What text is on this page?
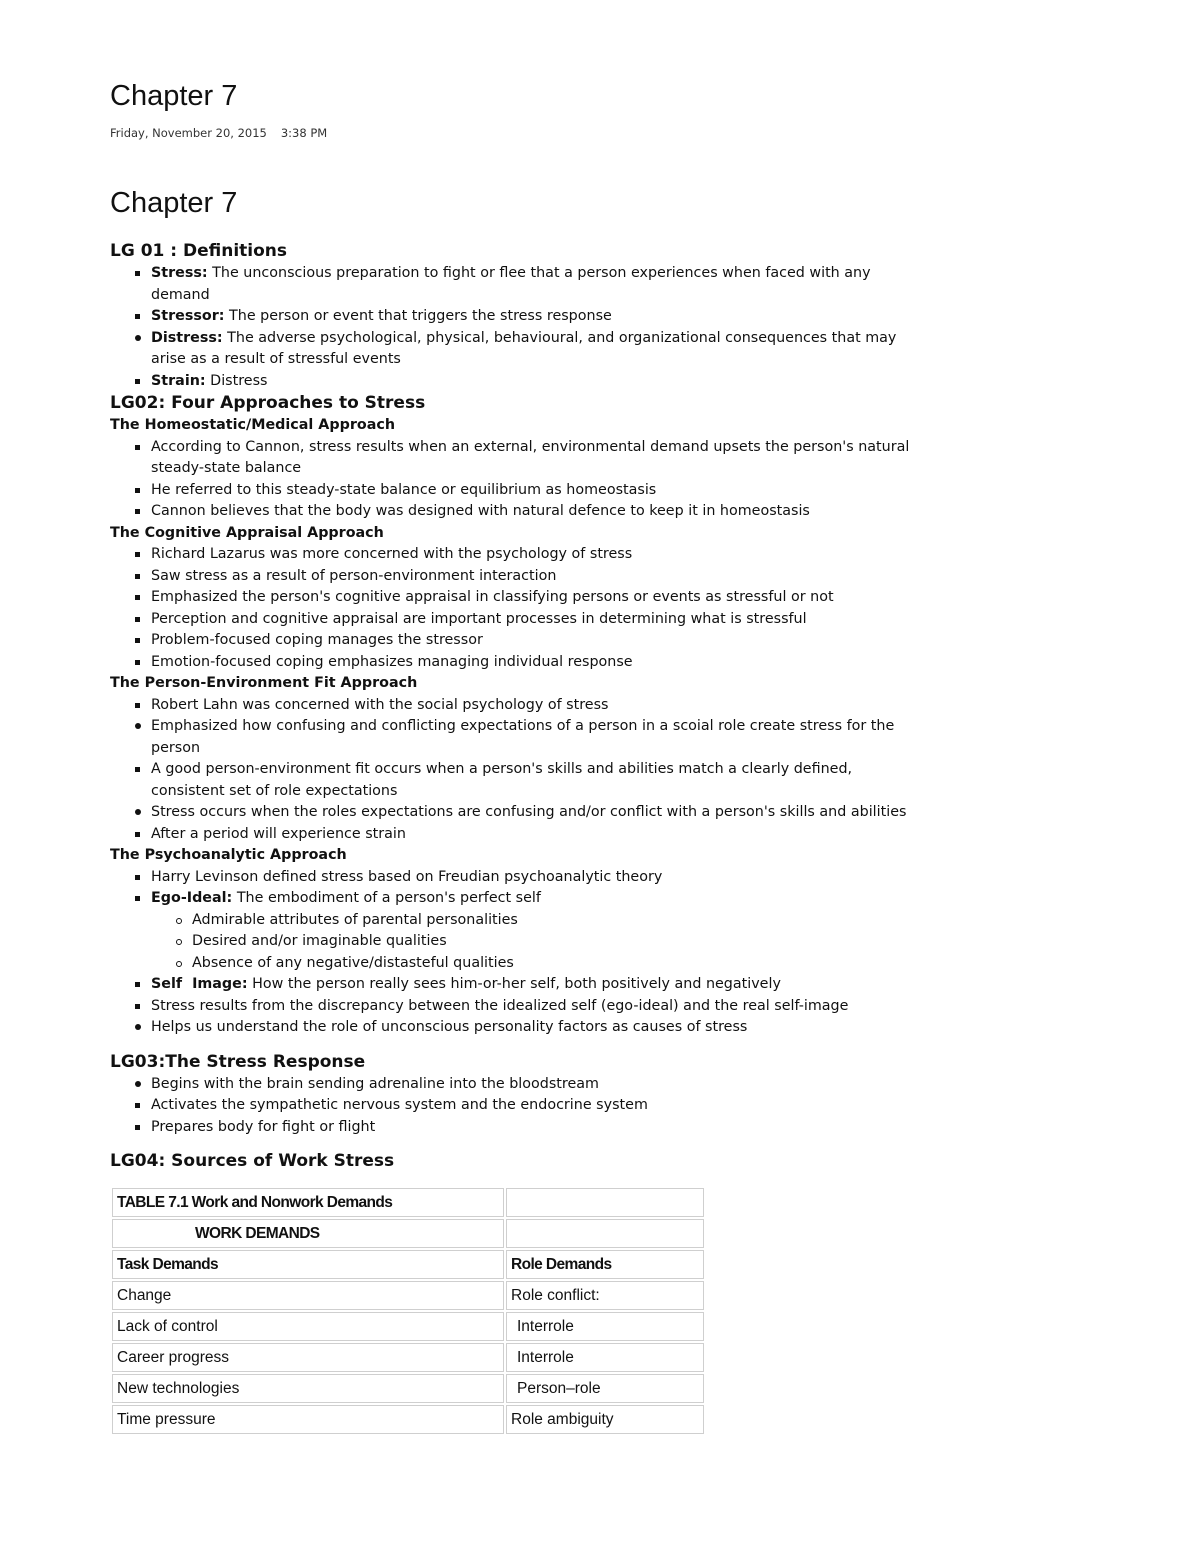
Chapter 7
Friday, November 20, 2015 3:38 PM
Chapter 7
LG 01 : Definitions
Stress: The unconscious preparation to fight or flee that a person experiences when faced with any demand
Stressor: The person or event that triggers the stress response
Distress: The adverse psychological, physical, behavioural, and organizational consequences that may arise as a result of stressful events
Strain: Distress
LG02: Four Approaches to Stress
The Homeostatic/Medical Approach
According to Cannon, stress results when an external, environmental demand upsets the person's natural steady-state balance
He referred to this steady-state balance or equilibrium as homeostasis
Cannon believes that the body was designed with natural defence to keep it in homeostasis
The Cognitive Appraisal Approach
Richard Lazarus was more concerned with the psychology of stress
Saw stress as a result of person-environment interaction
Emphasized the person's cognitive appraisal in classifying persons or events as stressful or not
Perception and cognitive appraisal are important processes in determining what is stressful
Problem-focused coping manages the stressor
Emotion-focused coping emphasizes managing individual response
The Person-Environment Fit Approach
Robert Lahn was concerned with the social psychology of stress
Emphasized how confusing and conflicting expectations of a person in a scoial role create stress for the person
A good person-environment fit occurs when a person's skills and abilities match a clearly defined, consistent set of role expectations
Stress occurs when the roles expectations are confusing and/or conflict with a person's skills and abilities
After a period will experience strain
The Psychoanalytic Approach
Harry Levinson defined stress based on Freudian psychoanalytic theory
Ego-Ideal: The embodiment of a person's perfect self
Admirable attributes of parental personalities
Desired and/or imaginable qualities
Absence of any negative/distasteful qualities
Self  Image: How the person really sees him-or-her self, both positively and negatively
Stress results from the discrepancy between the idealized self (ego-ideal) and the real self-image
Helps us understand the role of unconscious personality factors as causes of stress
LG03:The Stress Response
Begins with the brain sending adrenaline into the bloodstream
Activates the sympathetic nervous system and the endocrine system
Prepares body for fight or flight
LG04: Sources of Work Stress
TABLE 7.1 Work and Nonwork Demands	
WORK DEMANDS	
Task Demands	Role Demands
Change	Role conflict:
Lack of control	Interrole
Career progress	Interrole
New technologies	Person–role
Time pressure	Role ambiguity
